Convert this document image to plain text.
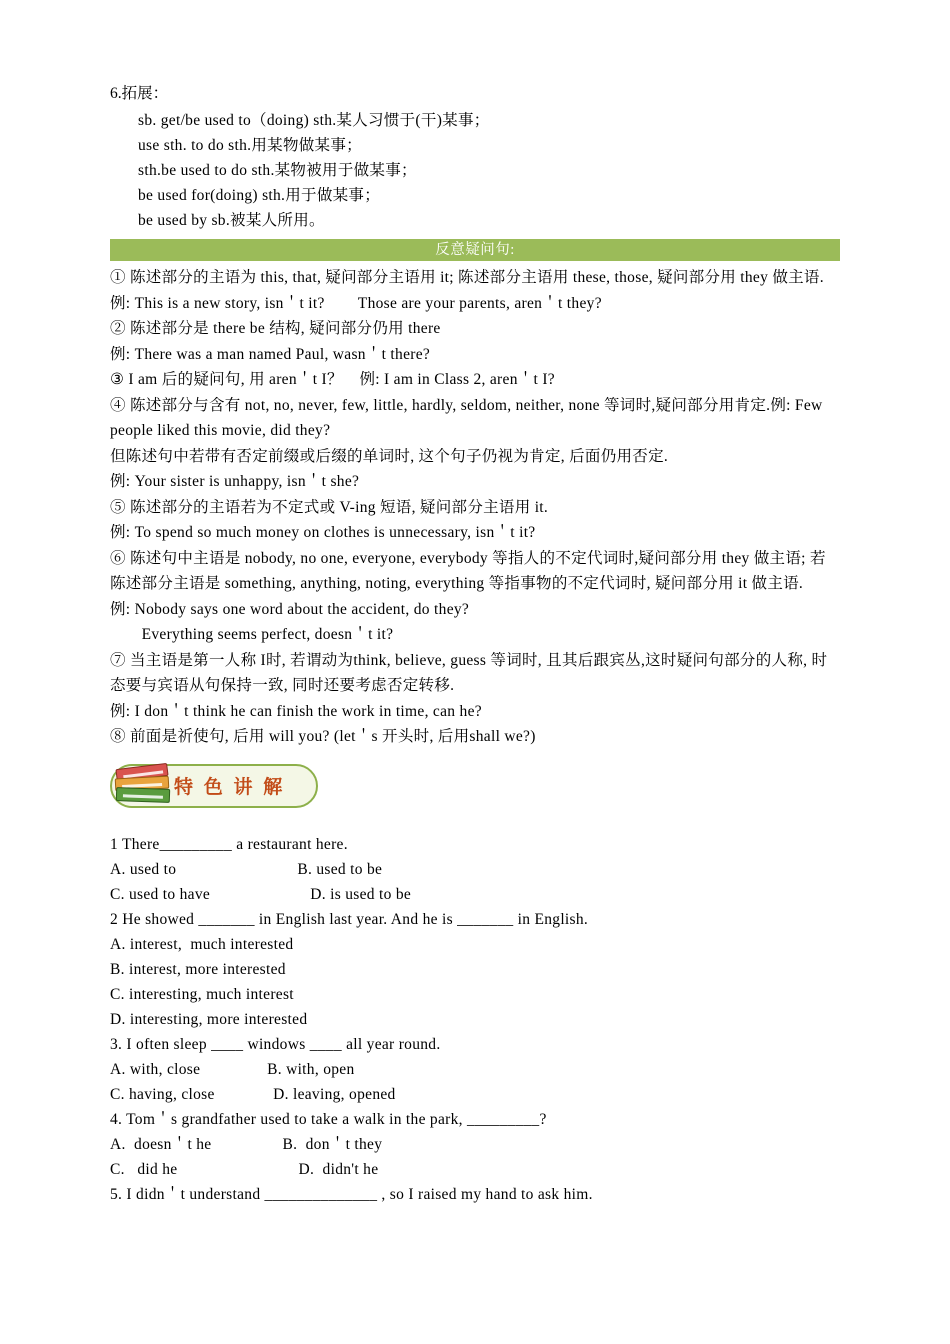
6.拓展：
sb. get/be used to（doing) sth.某人习惯于(干)某事；
use sth. to do sth.用某物做某事；
sth.be used to do sth.某物被用于做某事；
be used for(doing) sth.用于做某事；
be used by sb.被某人所用。
反意疑问句:
① 陈述部分的主语为 this, that, 疑问部分主语用 it; 陈述部分主语用 these, those, 疑问部分用 they 做主语.
例: This is a new story, isn＇t it?        Those are your parents, aren＇t they?
② 陈述部分是 there be 结构, 疑问部分仍用 there
例: There was a man named Paul, wasn＇t there?
③ I am 后的疑问句, 用 aren＇t I？    例: I am in Class 2, aren＇t I?
④ 陈述部分与含有 not, no, never, few, little, hardly, seldom, neither, none 等词时,疑问部分用肯定.例: Few people liked this movie, did they?
但陈述句中若带有否定前缀或后缀的单词时, 这个句子仍视为肯定, 后面仍用否定.
例: Your sister is unhappy, isn＇t she?
⑤ 陈述部分的主语若为不定式或 V-ing 短语, 疑问部分主语用 it.
例: To spend so much money on clothes is unnecessary, isn＇t it?
⑥ 陈述句中主语是 nobody, no one, everyone, everybody 等指人的不定代词时,疑问部分用 they 做主语; 若陈述部分主语是 something, anything, noting, everything 等指事物的不定代词时, 疑问部分用 it 做主语.
例: Nobody says one word about the accident, do they?
　　Everything seems perfect, doesn＇t it?
⑦ 当主语是第一人称 I时, 若谓动为think, believe, guess 等词时, 且其后跟宾丛,这时疑问句部分的人称, 时态要与宾语从句保持一致, 同时还要考虑否定转移.
例: I don＇t think he can finish the work in time, can he?
⑧ 前面是祈使句, 后用 will you? (let＇s 开头时, 后用shall we?)
特 色 讲 解
1 There_________ a restaurant here.
A. used to                             B. used to be
C. used to have                        D. is used to be
2 He showed _______ in English last year. And he is _______ in English.
A. interest,  much interested
B. interest, more interested
C. interesting, much interest
D. interesting, more interested
3. I often sleep ____ windows ____ all year round.
A. with, close                B. with, open
C. having, close              D. leaving, opened
4. Tom＇s grandfather used to take a walk in the park, _________?
A.  doesn＇t he                 B.  don＇t they
C.   did he                             D.  didn't he
5. I didn＇t understand ______________ , so I raised my hand to ask him.
